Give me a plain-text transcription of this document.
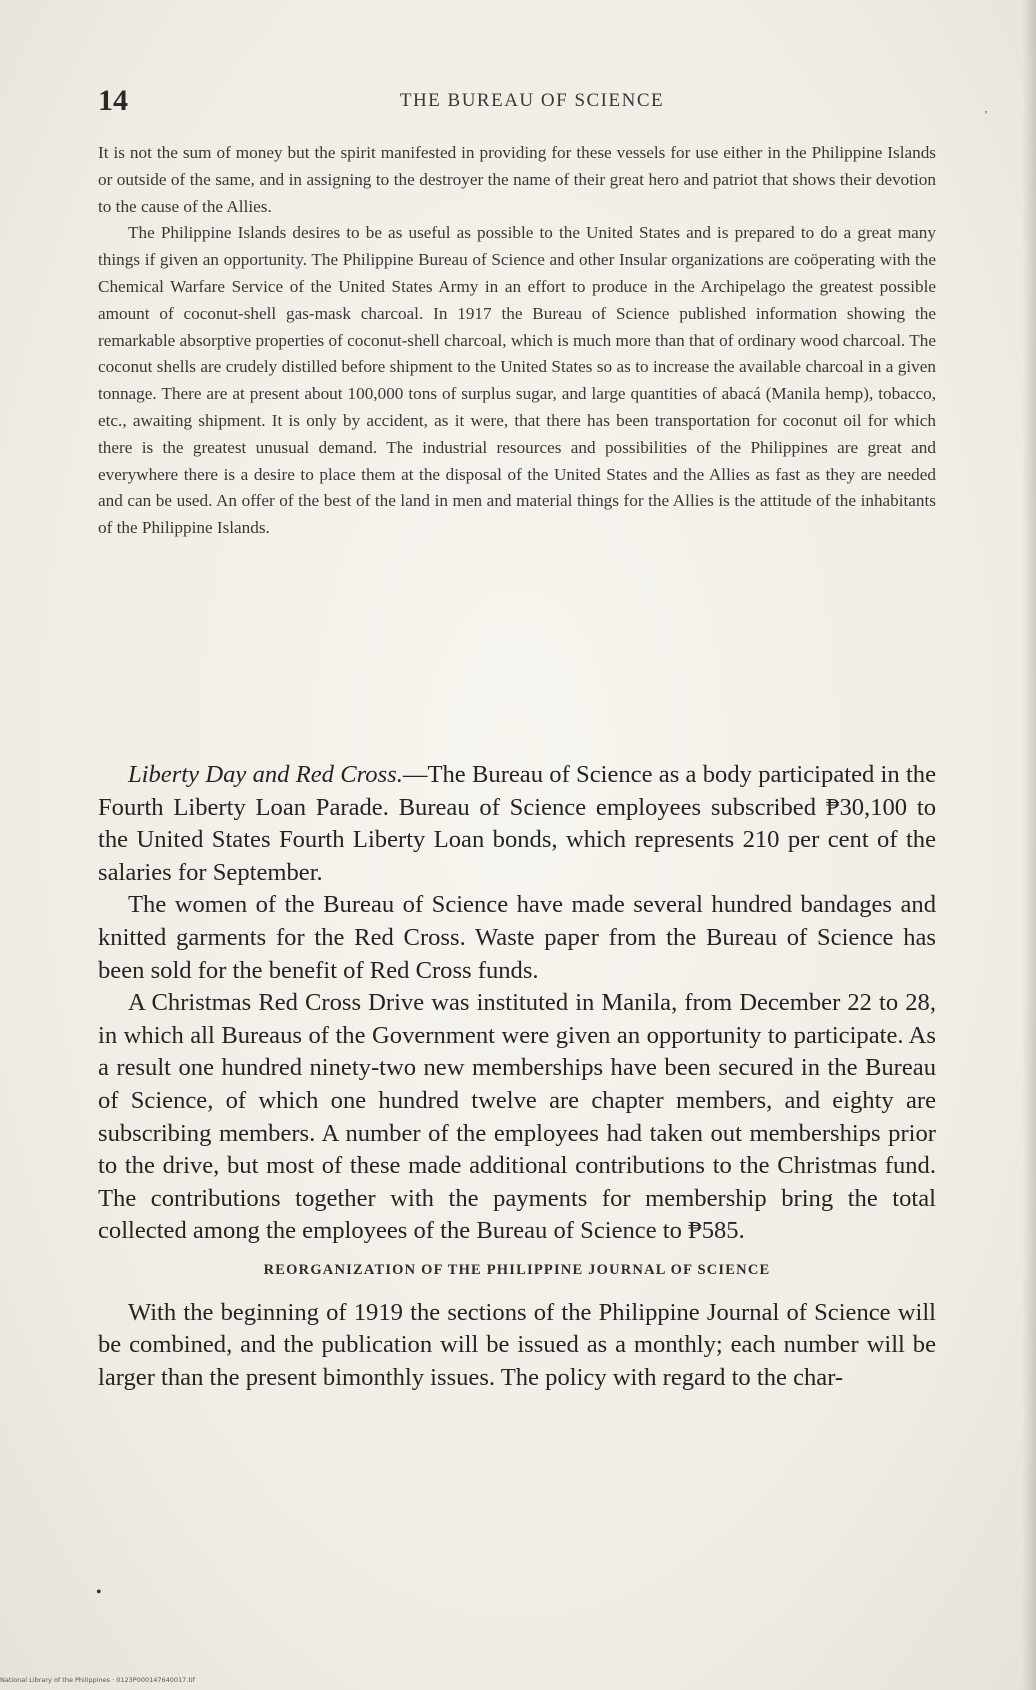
14	THE BUREAU OF SCIENCE
ʼ

It is not the sum of money but the spirit manifested in providing for these vessels for use either in the Philippine Islands or outside of the same, and in assigning to the destroyer the name of their great hero and patriot that shows their devotion to the cause of the Allies.

The Philippine Islands desires to be as useful as possible to the United States and is prepared to do a great many things if given an opportunity. The Philippine Bureau of Science and other Insular organizations are coöperating with the Chemical Warfare Service of the United States Army in an effort to produce in the Archipelago the greatest possible amount of coconut-shell gas-mask charcoal. In 1917 the Bureau of Science published information showing the remarkable absorptive properties of coconut-shell charcoal, which is much more than that of ordinary wood charcoal. The coconut shells are crudely distilled before shipment to the United States so as to increase the available charcoal in a given tonnage. There are at present about 100,000 tons of surplus sugar, and large quantities of abacá (Manila hemp), tobacco, etc., awaiting shipment. It is only by accident, as it were, that there has been transportation for coconut oil for which there is the greatest unusual demand. The industrial resources and possibilities of the Philippines are great and everywhere there is a desire to place them at the disposal of the United States and the Allies as fast as they are needed and can be used. An offer of the best of the land in men and material things for the Allies is the attitude of the inhabitants of the Philippine Islands.

Liberty Day and Red Cross.—The Bureau of Science as a body participated in the Fourth Liberty Loan Parade. Bureau of Science employees subscribed ₱30,100 to the United States Fourth Liberty Loan bonds, which represents 210 per cent of the salaries for September.

The women of the Bureau of Science have made several hundred bandages and knitted garments for the Red Cross. Waste paper from the Bureau of Science has been sold for the benefit of Red Cross funds.

A Christmas Red Cross Drive was instituted in Manila, from December 22 to 28, in which all Bureaus of the Government were given an opportunity to participate. As a result one hundred ninety-two new memberships have been secured in the Bureau of Science, of which one hundred twelve are chapter members, and eighty are subscribing members. A number of the employees had taken out memberships prior to the drive, but most of these made additional contributions to the Christmas fund. The contributions together with the payments for membership bring the total collected among the employees of the Bureau of Science to ₱585.

REORGANIZATION OF THE PHILIPPINE JOURNAL OF SCIENCE

With the beginning of 1919 the sections of the Philippine Journal of Science will be combined, and the publication will be issued as a monthly; each number will be larger than the present bimonthly issues. The policy with regard to the char-

•
National Library of the Philippines · 0123P000147640017.tif
